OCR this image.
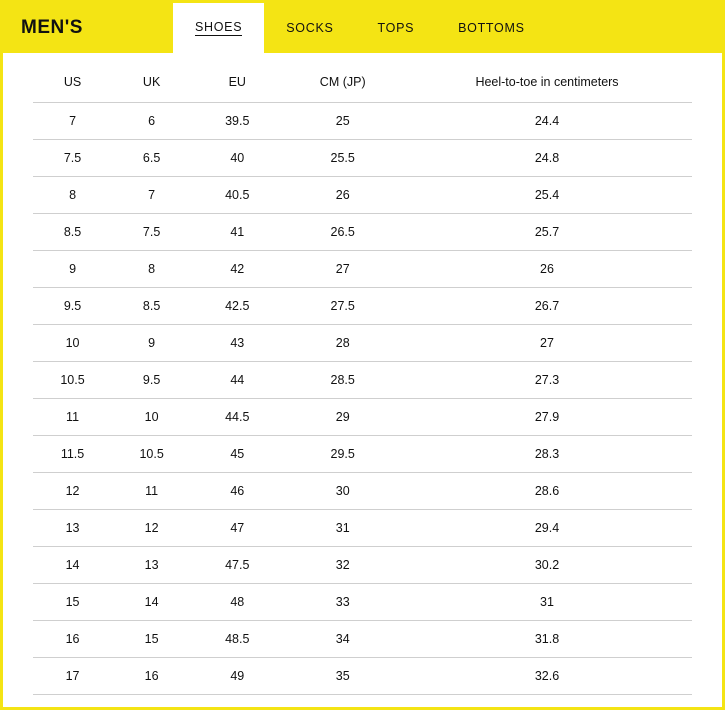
MEN'S	SHOES	SOCKS	TOPS	BOTTOMS
US	UK	EU	CM (JP)	Heel-to-toe in centimeters
7	6	39.5	25	24.4
7.5	6.5	40	25.5	24.8
8	7	40.5	26	25.4
8.5	7.5	41	26.5	25.7
9	8	42	27	26
9.5	8.5	42.5	27.5	26.7
10	9	43	28	27
10.5	9.5	44	28.5	27.3
11	10	44.5	29	27.9
11.5	10.5	45	29.5	28.3
12	11	46	30	28.6
13	12	47	31	29.4
14	13	47.5	32	30.2
15	14	48	33	31
16	15	48.5	34	31.8
17	16	49	35	32.6
